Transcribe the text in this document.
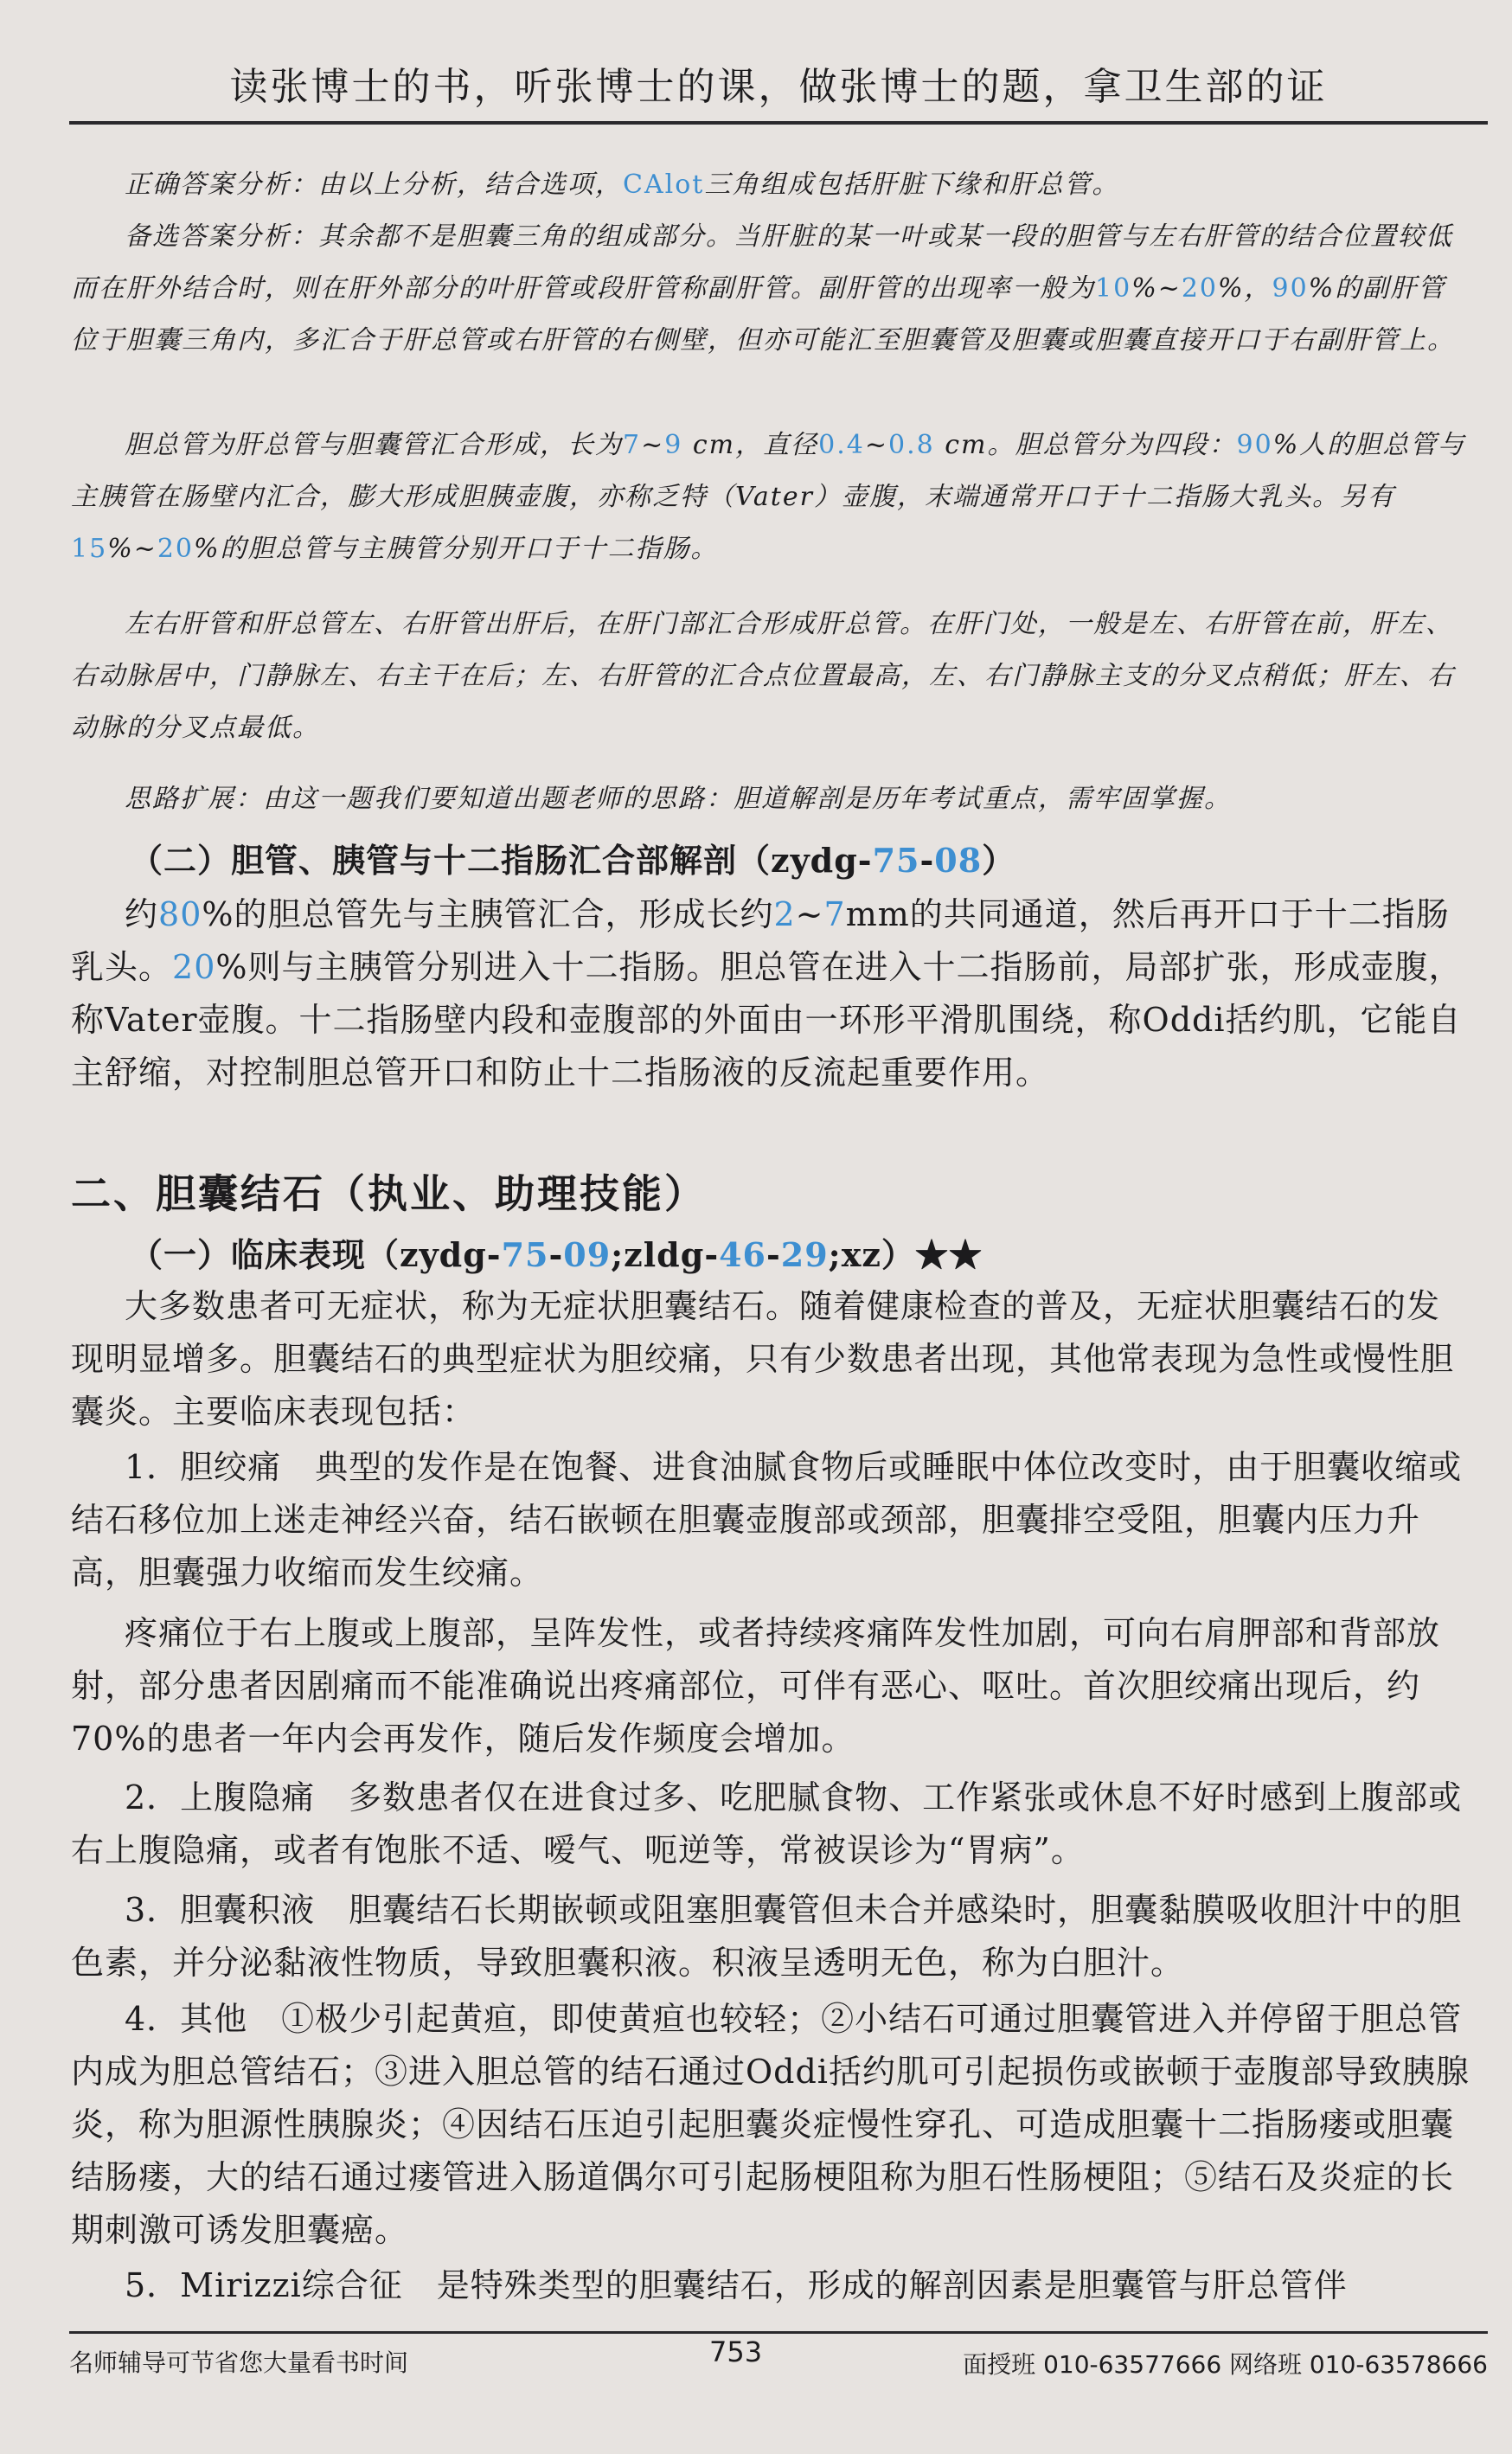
读张博士的书，听张博士的课，做张博士的题，拿卫生部的证

正确答案分析：由以上分析，结合选项，CAlot三角组成包括肝脏下缘和肝总管。

备选答案分析：其余都不是胆囊三角的组成部分。当肝脏的某一叶或某一段的胆管与左右肝管的结合位置较低而在肝外结合时，则在肝外部分的叶肝管或段肝管称副肝管。副肝管的出现率一般为10%~20%，90%的副肝管位于胆囊三角内，多汇合于肝总管或右肝管的右侧壁，但亦可能汇至胆囊管及胆囊或胆囊直接开口于右副肝管上。

胆总管为肝总管与胆囊管汇合形成，长为7~9 cm，直径0.4~0.8 cm。胆总管分为四段：90%人的胆总管与主胰管在肠壁内汇合，膨大形成胆胰壶腹，亦称乏特（Vater）壶腹，末端通常开口于十二指肠大乳头。另有15%~20%的胆总管与主胰管分别开口于十二指肠。

左右肝管和肝总管左、右肝管出肝后，在肝门部汇合形成肝总管。在肝门处，一般是左、右肝管在前，肝左、右动脉居中，门静脉左、右主干在后；左、右肝管的汇合点位置最高，左、右门静脉主支的分叉点稍低；肝左、右动脉的分叉点最低。

思路扩展：由这一题我们要知道出题老师的思路：胆道解剖是历年考试重点，需牢固掌握。

（二）胆管、胰管与十二指肠汇合部解剖（zydg-75-08）

约80%的胆总管先与主胰管汇合，形成长约2~7mm的共同通道，然后再开口于十二指肠乳头。20%则与主胰管分别进入十二指肠。胆总管在进入十二指肠前，局部扩张，形成壶腹，称Vater壶腹。十二指肠壁内段和壶腹部的外面由一环形平滑肌围绕，称Oddi括约肌，它能自主舒缩，对控制胆总管开口和防止十二指肠液的反流起重要作用。

二、胆囊结石（执业、助理技能）
（一）临床表现（zydg-75-09;zldg-46-29;xz）★★

大多数患者可无症状，称为无症状胆囊结石。随着健康检查的普及，无症状胆囊结石的发现明显增多。胆囊结石的典型症状为胆绞痛，只有少数患者出现，其他常表现为急性或慢性胆囊炎。主要临床表现包括：

1．胆绞痛　典型的发作是在饱餐、进食油腻食物后或睡眠中体位改变时，由于胆囊收缩或结石移位加上迷走神经兴奋，结石嵌顿在胆囊壶腹部或颈部，胆囊排空受阻，胆囊内压力升高，胆囊强力收缩而发生绞痛。

疼痛位于右上腹或上腹部，呈阵发性，或者持续疼痛阵发性加剧，可向右肩胛部和背部放射，部分患者因剧痛而不能准确说出疼痛部位，可伴有恶心、呕吐。首次胆绞痛出现后，约70%的患者一年内会再发作，随后发作频度会增加。

2．上腹隐痛　多数患者仅在进食过多、吃肥腻食物、工作紧张或休息不好时感到上腹部或右上腹隐痛，或者有饱胀不适、嗳气、呃逆等，常被误诊为“胃病”。

3．胆囊积液　胆囊结石长期嵌顿或阻塞胆囊管但未合并感染时，胆囊黏膜吸收胆汁中的胆色素，并分泌黏液性物质，导致胆囊积液。积液呈透明无色，称为白胆汁。

4．其他　①极少引起黄疸，即使黄疸也较轻；②小结石可通过胆囊管进入并停留于胆总管内成为胆总管结石；③进入胆总管的结石通过Oddi括约肌可引起损伤或嵌顿于壶腹部导致胰腺炎，称为胆源性胰腺炎；④因结石压迫引起胆囊炎症慢性穿孔、可造成胆囊十二指肠瘘或胆囊结肠瘘，大的结石通过瘘管进入肠道偶尔可引起肠梗阻称为胆石性肠梗阻；⑤结石及炎症的长期刺激可诱发胆囊癌。

5．Mirizzi综合征　是特殊类型的胆囊结石，形成的解剖因素是胆囊管与肝总管伴

名师辅导可节省您大量看书时间	753	面授班 010-63577666 网络班 010-63578666
